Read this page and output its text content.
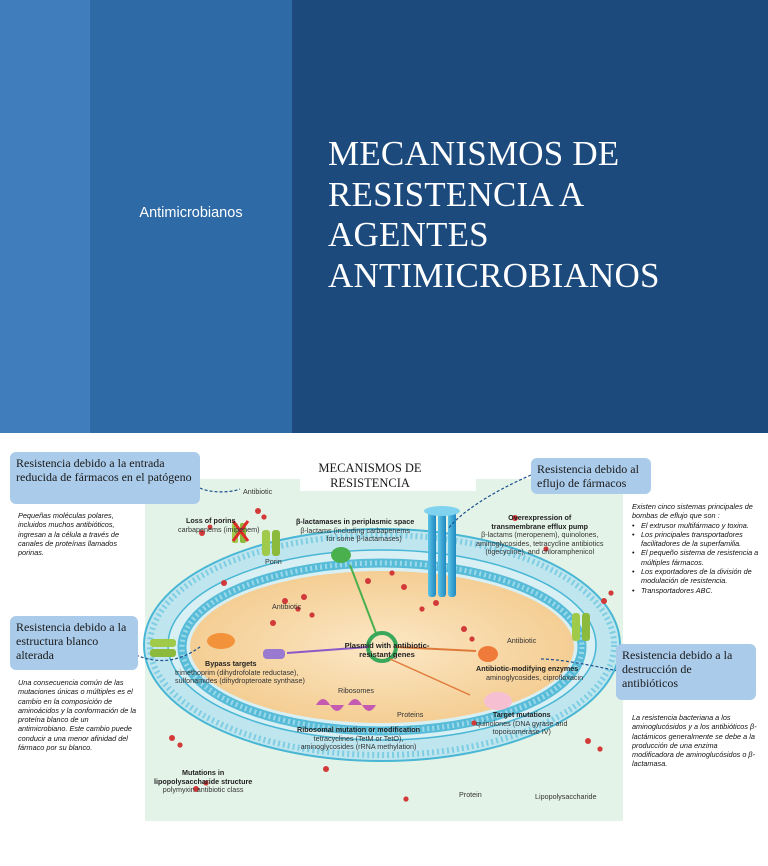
Antimicrobianos
MECANISMOS DE
RESISTENCIA A
AGENTES
ANTIMICROBIANOS
Resistencia debido a la entrada reducida de fármacos en el patógeno
Resistencia debido al eflujo de fármacos
Resistencia debido a la estructura blanco alterada	Resistencia debido a la destrucción de antibióticos
MECANISMOS DE
RESISTENCIA
Pequeñas moléculas polares, incluidos muchos antibióticos, ingresan a la célula a través de canales de proteínas llamados porinas.
Una consecuencia común de las mutaciones únicas o múltiples es el cambio en la composición de aminoácidos y la conformación de la proteína blanco de un antimicrobiano. Este cambio puede conducir a una menor afinidad del fármaco por su blanco.
Existen cinco sistemas principales de bombas de eflujo que son :
• El extrusor multifármaco y toxina.
• Los principales transportadores facilitadores de la superfamilia.
• El pequeño sistema de resistencia a múltiples fármacos.
• Los exportadores de la división de modulación de resistencia.
• Transportadores ABC.
La resistencia bacteriana a los aminoglucósidos y a los antibióticos β-lactámicos generalmente se debe a la producción de una enzima modificadora de aminoglucósidos o β-lactamasa.
Antibiotic
Loss of porins
carbapenems (imipenem)
Porin
Antibiotic
β-lactamases in periplasmic space
β-lactams (including carbapenems
for some β-lactamases)
Overexpression of
transmembrane efflux pump
β-lactams (meropenem), quinolones,
aminoglycosides, tetracycline antibiotics
(tigecycline), and chloramphenicol
Plasmid with antibiotic-
resistant genes
Bypass targets
trimethoprim (dihydrofolate reductase),
sulfonamides (dihydropteroate synthase)
Antibiotic
Antibiotic-modifying enzymes
aminoglycosides, ciprofloxacin
Ribosomes
Proteins
Ribosomal mutation or modification
tetracyclines (TetM or TetO),
aminoglycosides (rRNA methylation)
Target mutations
quinolones (DNA gyrase and
topoisomerase IV)
Mutations in
lipopolysaccharide structure
polymyxin antibiotic class
Protein	Lipopolysaccharide
